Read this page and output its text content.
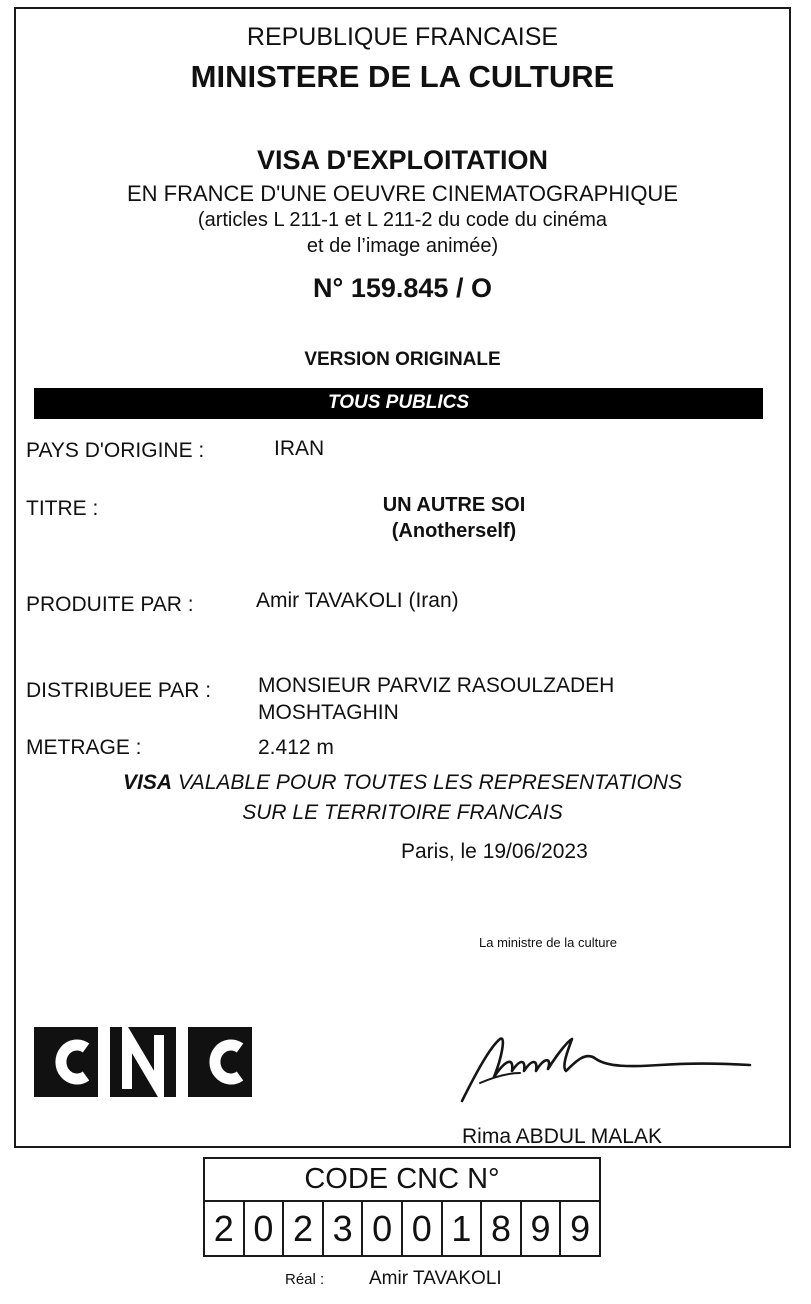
REPUBLIQUE FRANCAISE
MINISTERE DE LA CULTURE
VISA D'EXPLOITATION
EN FRANCE D'UNE OEUVRE CINEMATOGRAPHIQUE
(articles L 211-1 et L 211-2 du code du cinéma
et de l’image animée)
N° 159.845 / O
VERSION ORIGINALE
TOUS PUBLICS
PAYS D'ORIGINE :	IRAN
TITRE :	UN AUTRE SOI
(Anotherself)
PRODUITE PAR :	Amir TAVAKOLI (Iran)
DISTRIBUEE PAR : MONSIEUR PARVIZ RASOULZADEH
MOSHTAGHIN
METRAGE :	2.412 m
VISA VALABLE POUR TOUTES LES REPRESENTATIONS
SUR LE TERRITOIRE FRANCAIS
Paris, le 19/06/2023
La ministre de la culture
Rima ABDUL MALAK
CODE CNC N°
2 0 2 3 0 0 1 8 9 9
Réal : Amir TAVAKOLI
